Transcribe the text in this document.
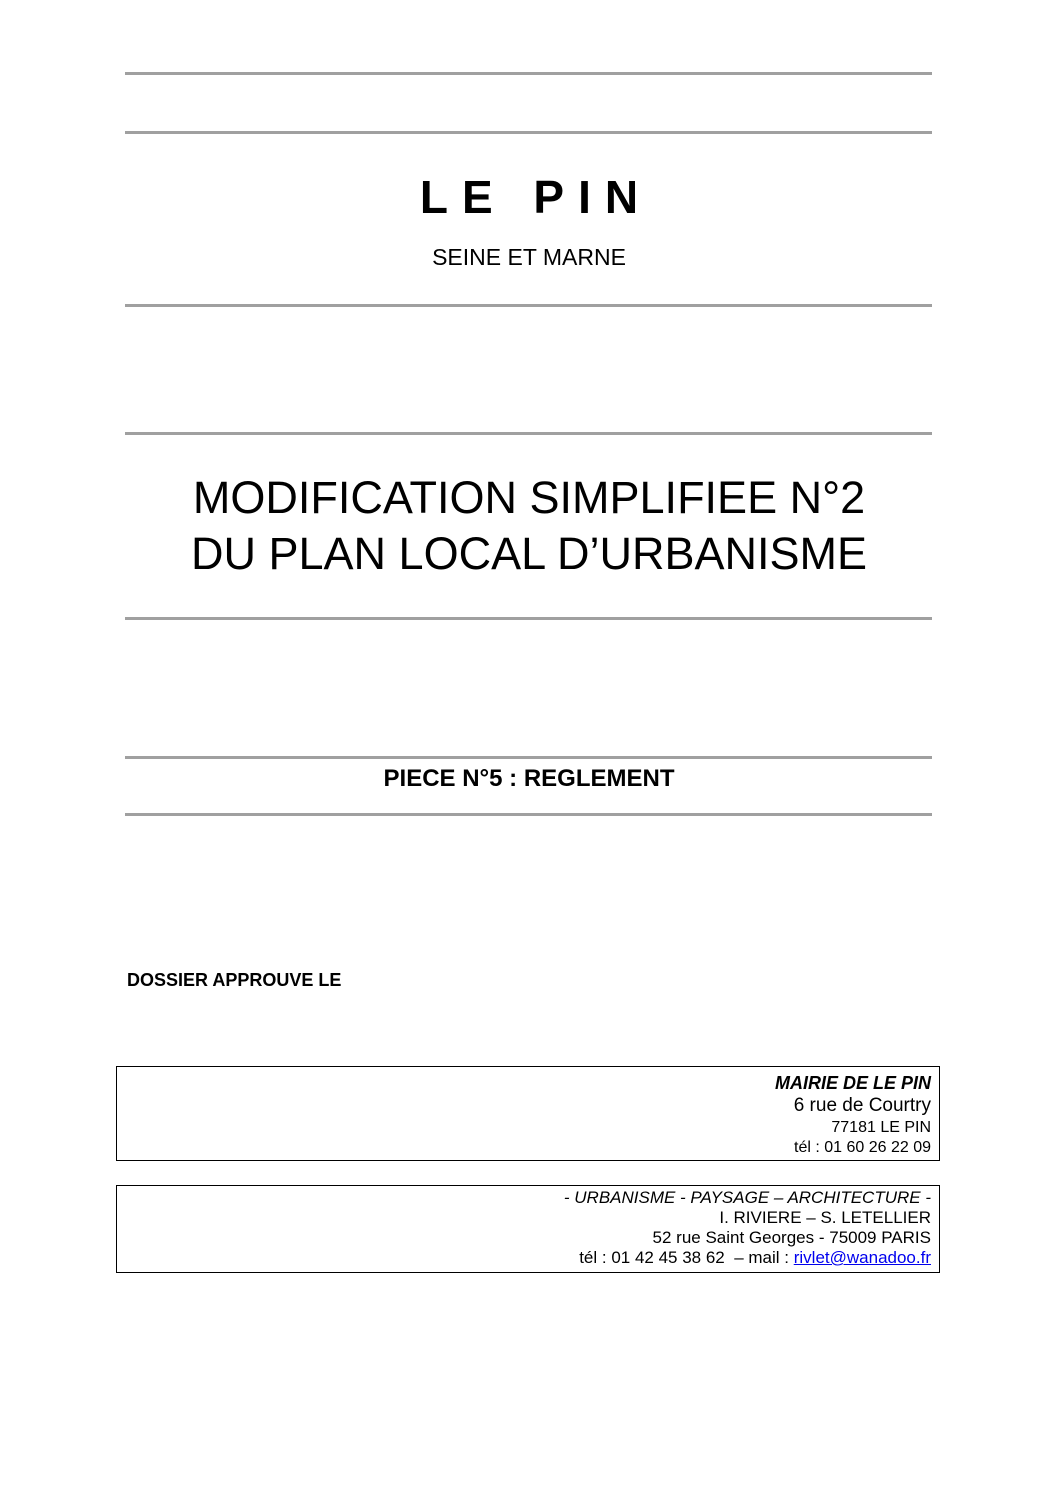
LE PIN
SEINE ET MARNE
MODIFICATION SIMPLIFIEE N°2
DU PLAN LOCAL D’URBANISME
PIECE N°5 : REGLEMENT
DOSSIER APPROUVE LE
MAIRIE DE LE PIN
6 rue de Courtry
77181 LE PIN
tél : 01 60 26 22 09
- URBANISME - PAYSAGE – ARCHITECTURE -
I. RIVIERE – S. LETELLIER
52 rue Saint Georges - 75009 PARIS
tél : 01 42 45 38 62  – mail : rivlet@wanadoo.fr
